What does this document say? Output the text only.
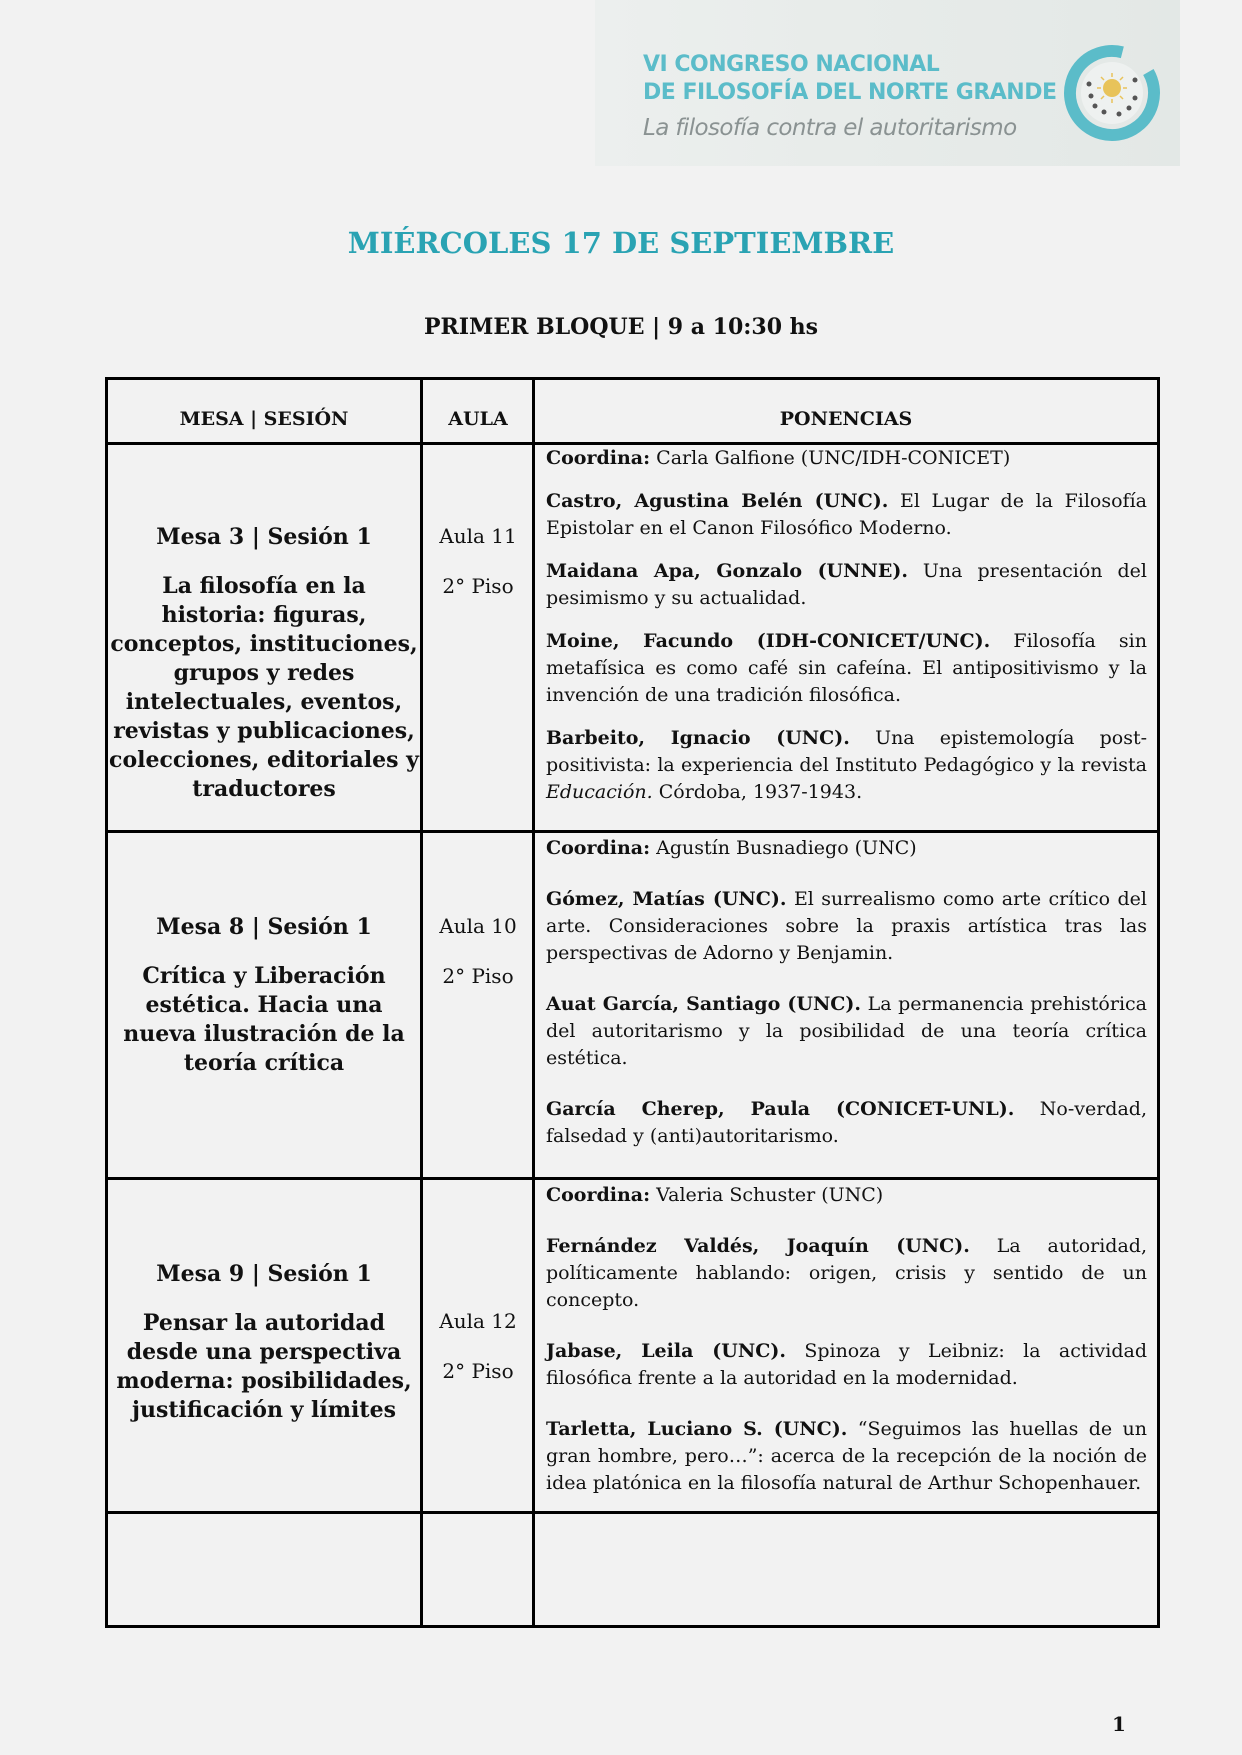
VI CONGRESO NACIONAL
DE FILOSOFÍA DEL NORTE GRANDE
La filosofía contra el autoritarismo
MIÉRCOLES 17 DE SEPTIEMBRE
PRIMER BLOQUE | 9 a 10:30 hs
MESA | SESIÓN	AULA	PONENCIAS
Mesa 3 | Sesión 1
La filosofía en la historia: figuras, conceptos, instituciones, grupos y redes intelectuales, eventos, revistas y publicaciones, colecciones, editoriales y traductores
Aula 11
2° Piso

Coordina: Carla Galfione (UNC/IDH-CONICET)

Castro, Agustina Belén (UNC). El Lugar de la Filosofía Epistolar en el Canon Filosófico Moderno.

Maidana Apa, Gonzalo (UNNE). Una presentación del pesimismo y su actualidad.

Moine, Facundo (IDH-CONICET/UNC). Filosofía sin metafísica es como café sin cafeína. El antipositivismo y la invención de una tradición filosófica.

Barbeito, Ignacio (UNC). Una epistemología post-positivista: la experiencia del Instituto Pedagógico y la revista Educación. Córdoba, 1937-1943.

Mesa 8 | Sesión 1
Crítica y Liberación estética. Hacia una nueva ilustración de la teoría crítica
Aula 10
2° Piso

Coordina: Agustín Busnadiego (UNC)

Gómez, Matías (UNC). El surrealismo como arte crítico del arte. Consideraciones sobre la praxis artística tras las perspectivas de Adorno y Benjamin.

Auat García, Santiago (UNC). La permanencia prehistórica del autoritarismo y la posibilidad de una teoría crítica estética.

García Cherep, Paula (CONICET-UNL). No-verdad, falsedad y (anti)autoritarismo.

Mesa 9 | Sesión 1
Pensar la autoridad desde una perspectiva moderna: posibilidades, justificación y límites
Aula 12
2° Piso

Coordina: Valeria Schuster (UNC)

Fernández Valdés, Joaquín (UNC). La autoridad, políticamente hablando: origen, crisis y sentido de un concepto.

Jabase, Leila (UNC). Spinoza y Leibniz: la actividad filosófica frente a la autoridad en la modernidad.

Tarletta, Luciano S. (UNC). “Seguimos las huellas de un gran hombre, pero…”: acerca de la recepción de la noción de idea platónica en la filosofía natural de Arthur Schopenhauer.

1
